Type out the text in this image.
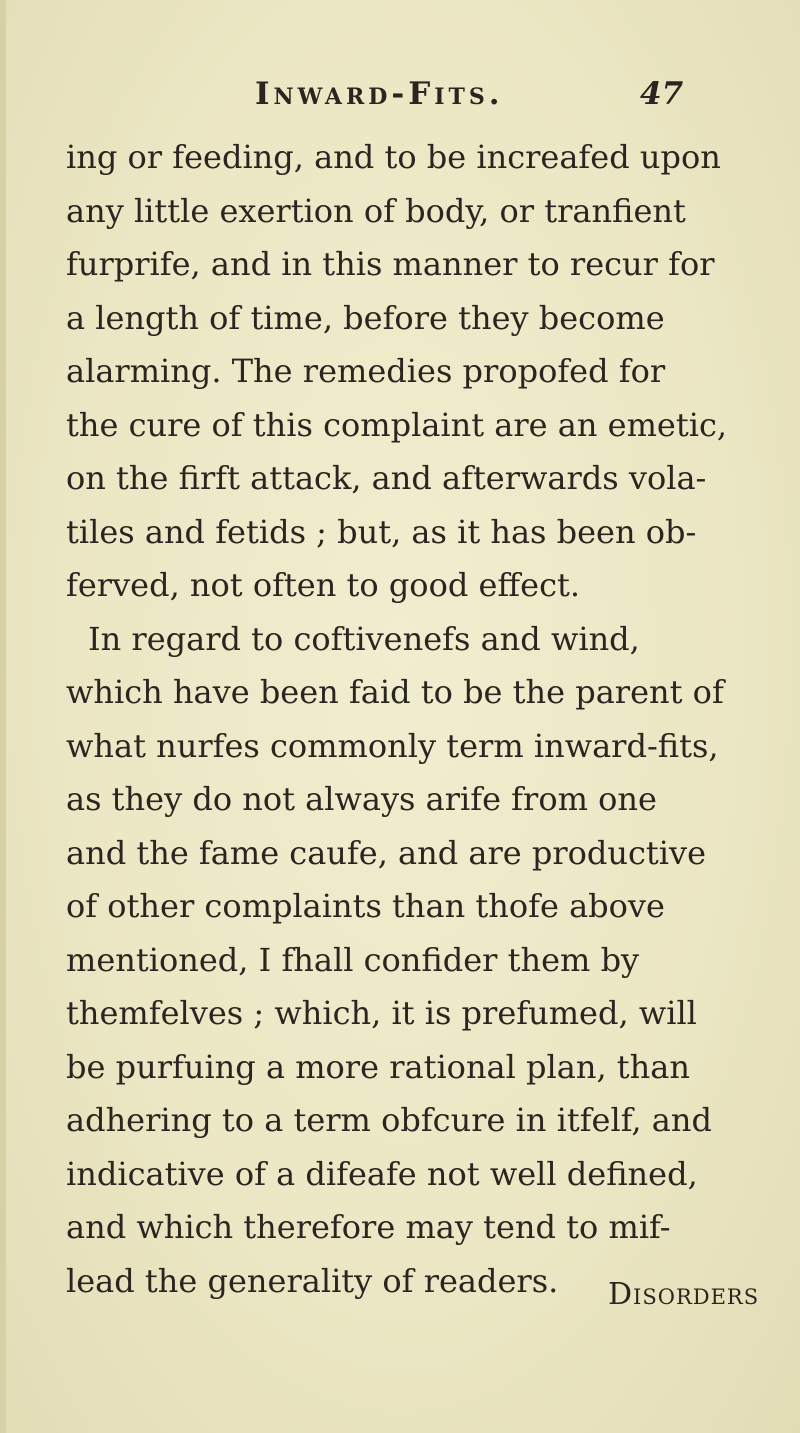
Inward-Fits.	47
ing or feeding, and to be increafed upon
any little exertion of body, or tranfient
furprife, and in this manner to recur for
a length of time, before they become
alarming. The remedies propofed for
the cure of this complaint are an emetic,
on the firft attack, and afterwards vola-
tiles and fetids ; but, as it has been ob-
ferved, not often to good effect.
In regard to coftivenefs and wind,
which have been faid to be the parent of
what nurfes commonly term inward-fits,
as they do not always arife from one
and the fame caufe, and are productive
of other complaints than thofe above
mentioned, I fhall confider them by
themfelves ; which, it is prefumed, will
be purfuing a more rational plan, than
adhering to a term obfcure in itfelf, and
indicative of a difeafe not well defined,
and which therefore may tend to mif-
lead the generality of readers.	Disorders
